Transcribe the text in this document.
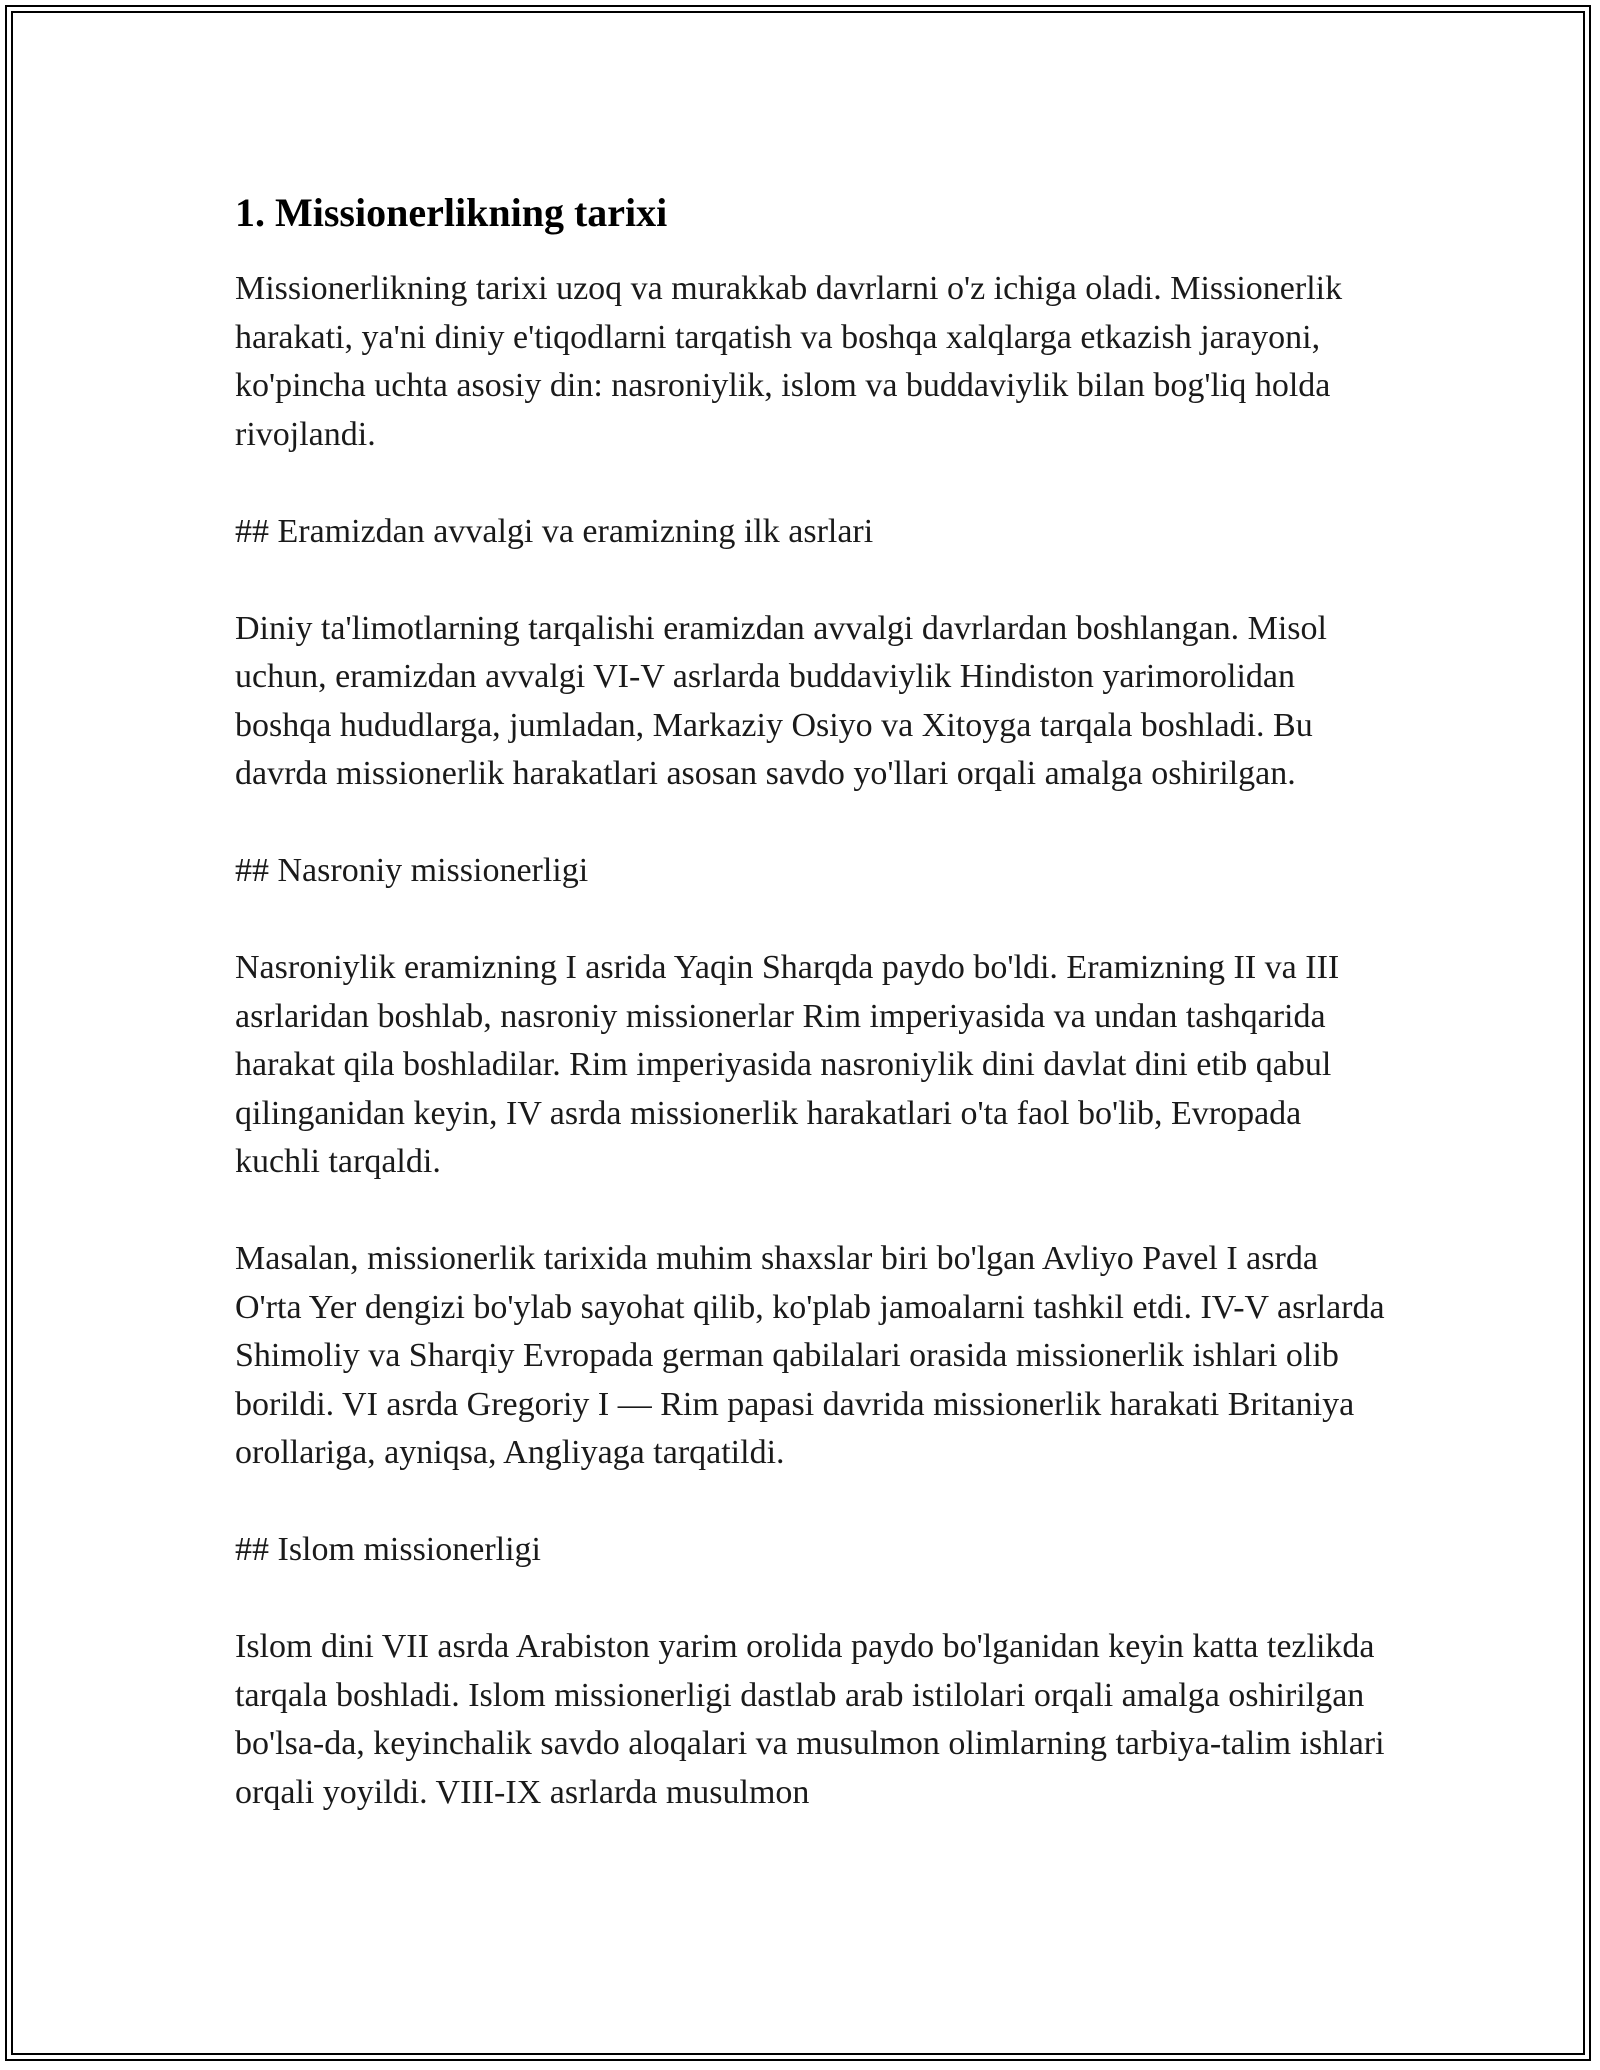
1. Missionerlikning tarixi

Missionerlikning tarixi uzoq va murakkab davrlarni o'z ichiga oladi. Missionerlik harakati, ya'ni diniy e'tiqodlarni tarqatish va boshqa xalqlarga etkazish jarayoni, ko'pincha uchta asosiy din: nasroniylik, islom va buddaviylik bilan bog'liq holda rivojlandi.

## Eramizdan avvalgi va eramizning ilk asrlari

Diniy ta'limotlarning tarqalishi eramizdan avvalgi davrlardan boshlangan. Misol uchun, eramizdan avvalgi VI-V asrlarda buddaviylik Hindiston yarimorolidan boshqa hududlarga, jumladan, Markaziy Osiyo va Xitoyga tarqala boshladi. Bu davrda missionerlik harakatlari asosan savdo yo'llari orqali amalga oshirilgan.

## Nasroniy missionerligi

Nasroniylik eramizning I asrida Yaqin Sharqda paydo bo'ldi. Eramizning II va III asrlaridan boshlab, nasroniy missionerlar Rim imperiyasida va undan tashqarida harakat qila boshladilar. Rim imperiyasida nasroniylik dini davlat dini etib qabul qilinganidan keyin, IV asrda missionerlik harakatlari o'ta faol bo'lib, Evropada kuchli tarqaldi.

Masalan, missionerlik tarixida muhim shaxslar biri bo'lgan Avliyo Pavel I asrda O'rta Yer dengizi bo'ylab sayohat qilib, ko'plab jamoalarni tashkil etdi. IV-V asrlarda Shimoliy va Sharqiy Evropada german qabilalari orasida missionerlik ishlari olib borildi. VI asrda Gregoriy I — Rim papasi davrida missionerlik harakati Britaniya orollariga, ayniqsa, Angliyaga tarqatildi.

## Islom missionerligi

Islom dini VII asrda Arabiston yarim orolida paydo bo'lganidan keyin katta tezlikda tarqala boshladi. Islom missionerligi dastlab arab istilolari orqali amalga oshirilgan bo'lsa-da, keyinchalik savdo aloqalari va musulmon olimlarning tarbiya-talim ishlari orqali yoyildi. VIII-IX asrlarda musulmon
